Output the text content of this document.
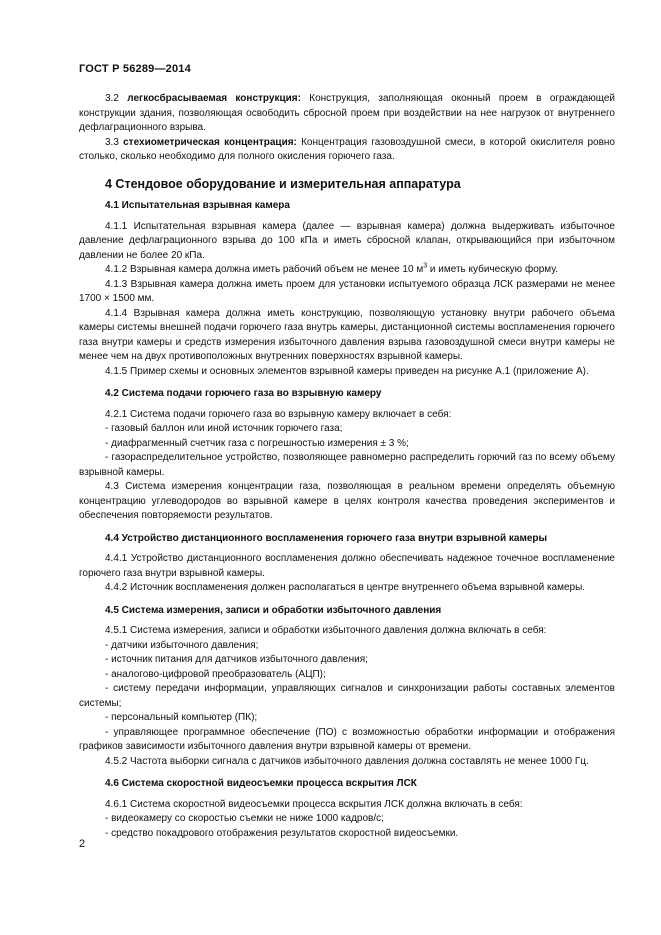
ГОСТ Р 56289—2014

3.2 легкосбрасываемая конструкция: Конструкция, заполняющая оконный проем в ограждающей конструкции здания, позволяющая освободить сбросной проем при воздействии на нее нагрузок от внутреннего дефлаграционного взрыва.

3.3 стехиометрическая концентрация: Концентрация газовоздушной смеси, в которой окислителя ровно столько, сколько необходимо для полного окисления горючего газа.

4 Стендовое оборудование и измерительная аппаратура
4.1 Испытательная взрывная камера

4.1.1 Испытательная взрывная камера (далее — взрывная камера) должна выдерживать избыточное давление дефлаграционного взрыва до 100 кПа и иметь сбросной клапан, открывающийся при избыточном давлении не более 20 кПа.

4.1.2 Взрывная камера должна иметь рабочий объем не менее 10 $м^3$ и иметь кубическую форму.

4.1.3 Взрывная камера должна иметь проем для установки испытуемого образца ЛСК размерами не менее 1700 × 1500 мм.

4.1.4 Взрывная камера должна иметь конструкцию, позволяющую установку внутри рабочего объема камеры системы внешней подачи горючего газа внутрь камеры, дистанционной системы воспламенения горючего газа внутри камеры и средств измерения избыточного давления взрыва газовоздушной смеси внутри камеры не менее чем на двух противоположных внутренних поверхностях взрывной камеры.

4.1.5 Пример схемы и основных элементов взрывной камеры приведен на рисунке А.1 (приложение А).

4.2 Система подачи горючего газа во взрывную камеру

4.2.1 Система подачи горючего газа во взрывную камеру включает в себя:

- газовый баллон или иной источник горючего газа;

- диафрагменный счетчик газа с погрешностью измерения ± 3 %;

- газораспределительное устройство, позволяющее равномерно распределить горючий газ по всему объему взрывной камеры.

4.3 Система измерения концентрации газа, позволяющая в реальном времени определять объемную концентрацию углеводородов во взрывной камере в целях контроля качества проведения экспериментов и обеспечения повторяемости результатов.

4.4 Устройство дистанционного воспламенения горючего газа внутри взрывной камеры

4.4.1 Устройство дистанционного воспламенения должно обеспечивать надежное точечное воспламенение горючего газа внутри взрывной камеры.

4.4.2 Источник воспламенения должен располагаться в центре внутреннего объема взрывной камеры.

4.5 Система измерения, записи и обработки избыточного давления

4.5.1 Система измерения, записи и обработки избыточного давления должна включать в себя:

- датчики избыточного давления;

- источник питания для датчиков избыточного давления;

- аналогово-цифровой преобразователь (АЦП);

- систему передачи информации, управляющих сигналов и синхронизации работы составных элементов системы;

- персональный компьютер (ПК);

- управляющее программное обеспечение (ПО) с возможностью обработки информации и отображения графиков зависимости избыточного давления внутри взрывной камеры от времени.

4.5.2 Частота выборки сигнала с датчиков избыточного давления должна составлять не менее 1000 Гц.

4.6 Система скоростной видеосъемки процесса вскрытия ЛСК

4.6.1 Система скоростной видеосъемки процесса вскрытия ЛСК должна включать в себя:

- видеокамеру со скоростью съемки не ниже 1000 кадров/с;

- средство покадрового отображения результатов скоростной видеосъемки.

2
